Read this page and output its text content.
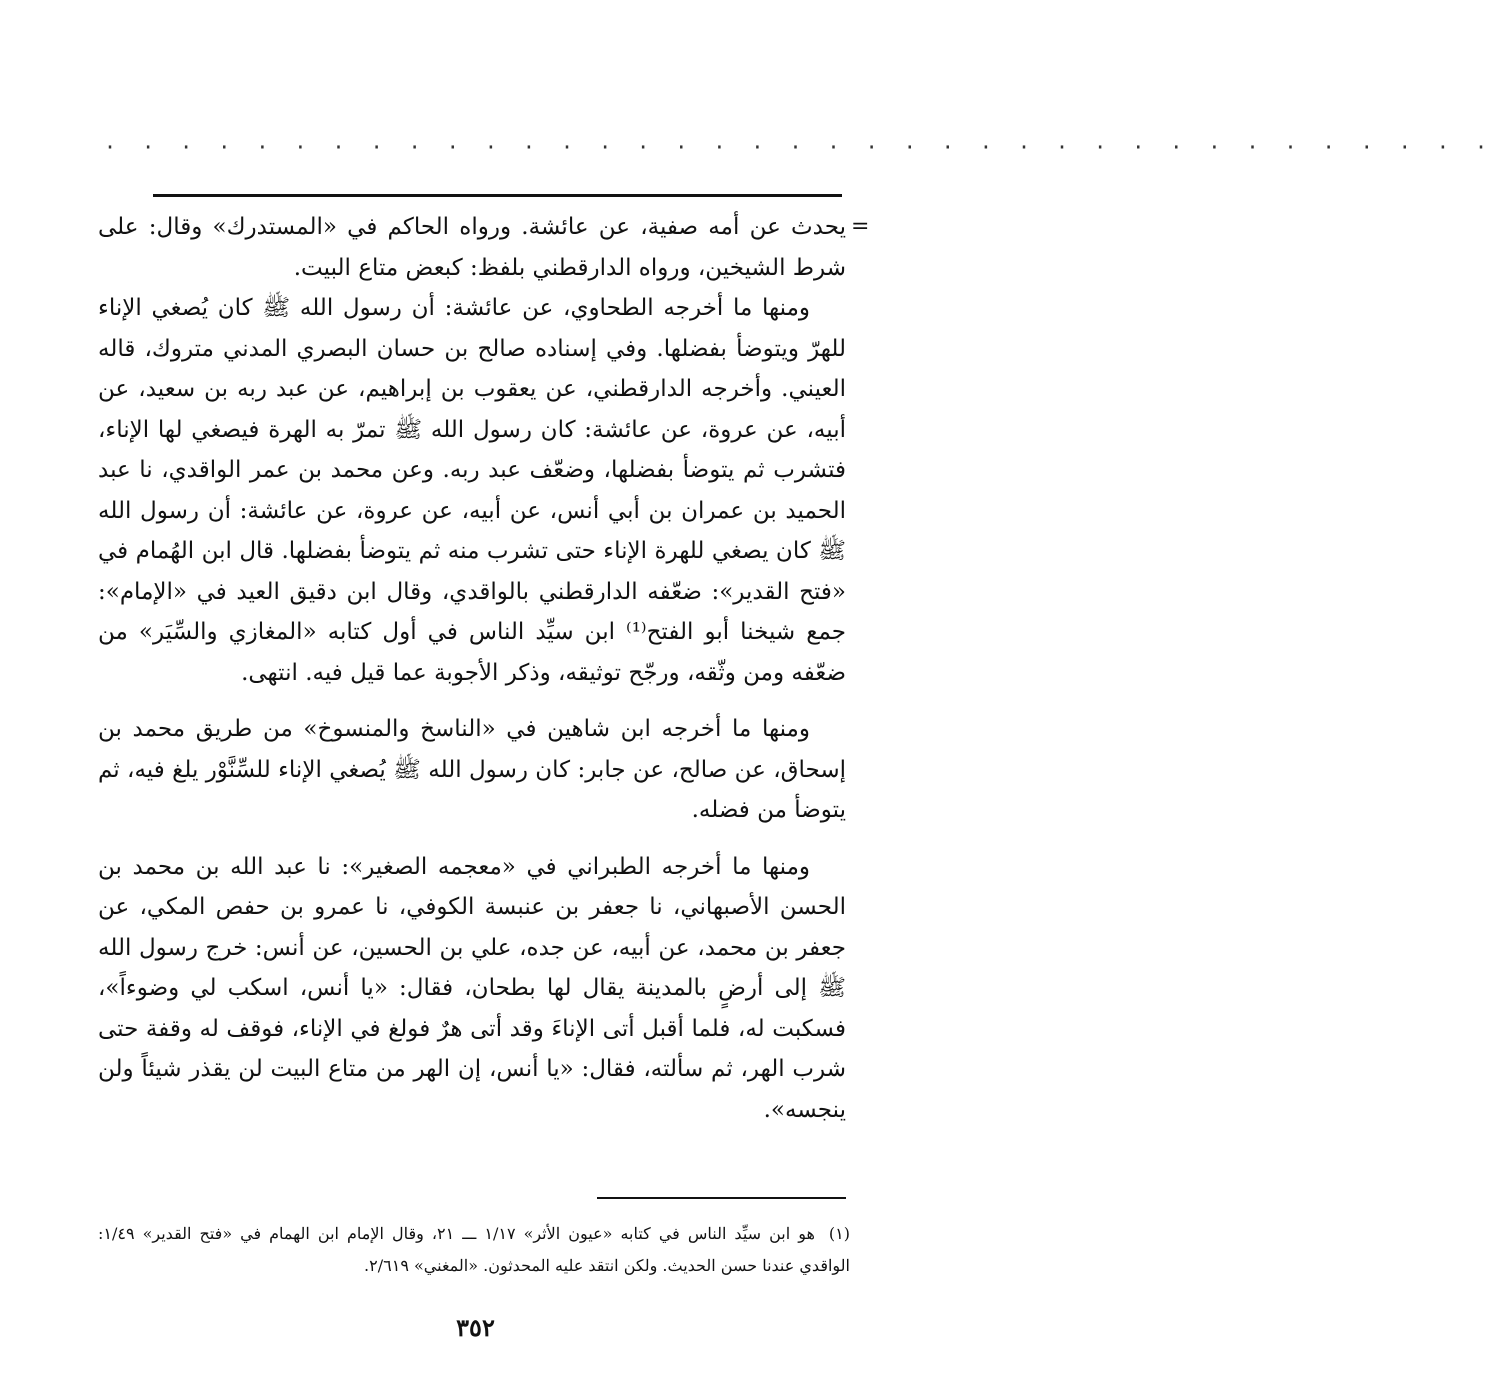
· · · · · · · · · · · · · · · · · · · · · · · · · · · · · · · · · · · · ·
=

يحدث عن أمه صفية، عن عائشة. ورواه الحاكم في «المستدرك» وقال: على شرط الشيخين، ورواه الدارقطني بلفظ: كبعض متاع البيت.

ومنها ما أخرجه الطحاوي، عن عائشة: أن رسول الله ﷺ كان يُصغي الإناء للهرّ ويتوضأ بفضلها. وفي إسناده صالح بن حسان البصري المدني متروك، قاله العيني. وأخرجه الدارقطني، عن يعقوب بن إبراهيم، عن عبد ربه بن سعيد، عن أبيه، عن عروة، عن عائشة: كان رسول الله ﷺ تمرّ به الهرة فيصغي لها الإناء، فتشرب ثم يتوضأ بفضلها، وضعّف عبد ربه. وعن محمد بن عمر الواقدي، نا عبد الحميد بن عمران بن أبي أنس، عن أبيه، عن عروة، عن عائشة: أن رسول الله ﷺ كان يصغي للهرة الإناء حتى تشرب منه ثم يتوضأ بفضلها. قال ابن الهُمام في «فتح القدير»: ضعّفه الدارقطني بالواقدي، وقال ابن دقيق العيد في «الإمام»: جمع شيخنا أبو الفتح⁽¹⁾ ابن سيِّد الناس في أول كتابه «المغازي والسِّيَر» من ضعّفه ومن وثّقه، ورجّح توثيقه، وذكر الأجوبة عما قيل فيه. انتهى.

ومنها ما أخرجه ابن شاهين في «الناسخ والمنسوخ» من طريق محمد بن إسحاق، عن صالح، عن جابر: كان رسول الله ﷺ يُصغي الإناء للسِّنَّوْر يلغ فيه، ثم يتوضأ من فضله.

ومنها ما أخرجه الطبراني في «معجمه الصغير»: نا عبد الله بن محمد بن الحسن الأصبهاني، نا جعفر بن عنبسة الكوفي، نا عمرو بن حفص المكي، عن جعفر بن محمد، عن أبيه، عن جده، علي بن الحسين، عن أنس: خرج رسول الله ﷺ إلى أرضٍ بالمدينة يقال لها بطحان، فقال: «يا أنس، اسكب لي وضوءاً»، فسكبت له، فلما أقبل أتى الإناءَ وقد أتى هرٌ فولغ في الإناء، فوقف له وقفة حتى شرب الهر، ثم سألته، فقال: «يا أنس، إن الهر من متاع البيت لن يقذر شيئاً ولن ينجسه».

(١)هو ابن سيِّد الناس في كتابه «عيون الأثر» ١/١٧ ـــ ٢١، وقال الإمام ابن الهمام في «فتح القدير» ١/٤٩: الواقدي عندنا حسن الحديث. ولكن انتقد عليه المحدثون. «المغني» ٢/٦١٩.
٣٥٢
